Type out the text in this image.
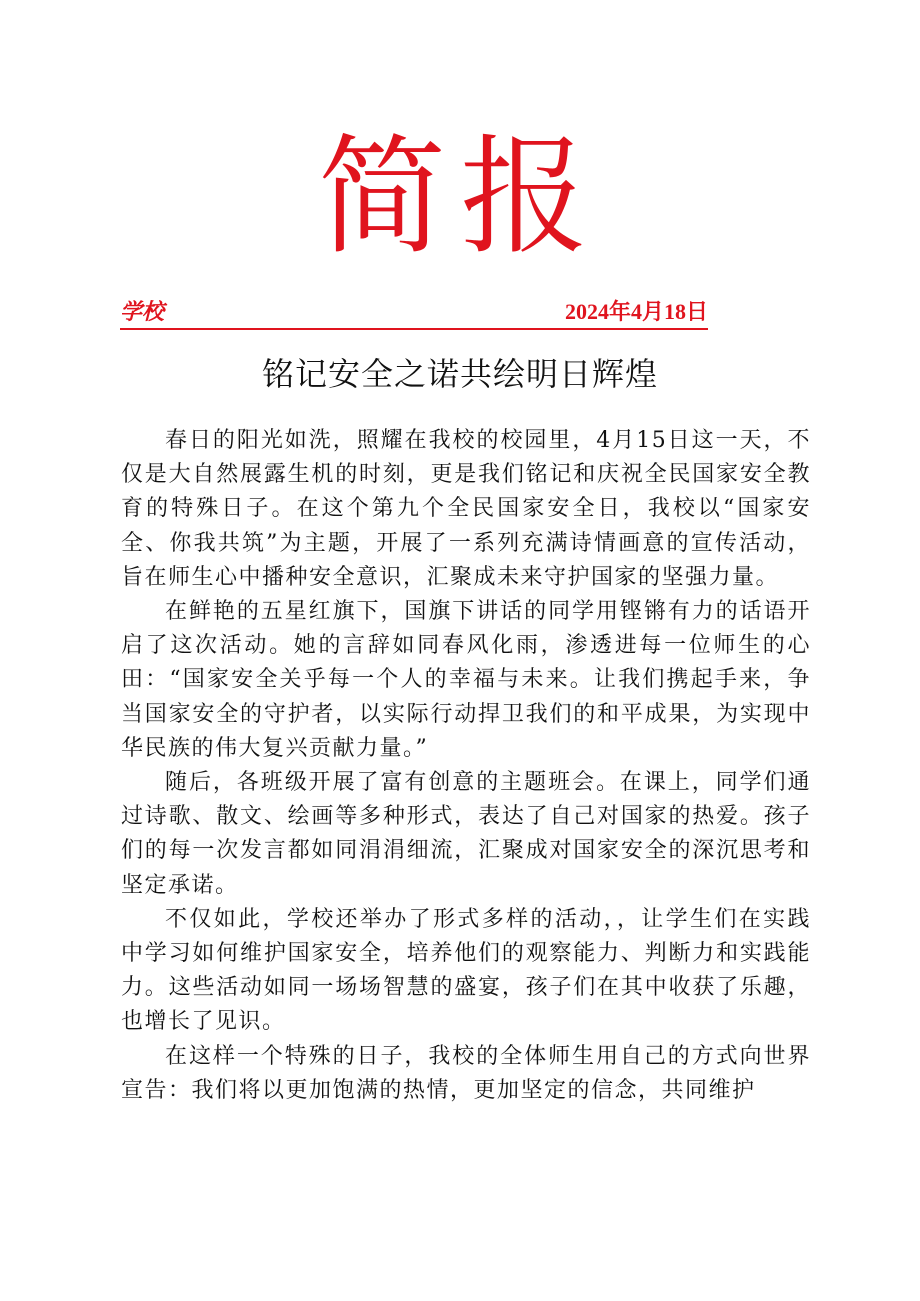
简报
学校	2024年4月18日
铭记安全之诺共绘明日辉煌

春日的阳光如洗，照耀在我校的校园里，4月15日这一天，不仅是大自然展露生机的时刻，更是我们铭记和庆祝全民国家安全教育的特殊日子。在这个第九个全民国家安全日，我校以“国家安全、你我共筑”为主题，开展了一系列充满诗情画意的宣传活动，旨在师生心中播种安全意识，汇聚成未来守护国家的坚强力量。

在鲜艳的五星红旗下，国旗下讲话的同学用铿锵有力的话语开启了这次活动。她的言辞如同春风化雨，渗透进每一位师生的心田：“国家安全关乎每一个人的幸福与未来。让我们携起手来，争当国家安全的守护者，以实际行动捍卫我们的和平成果，为实现中华民族的伟大复兴贡献力量。”

随后，各班级开展了富有创意的主题班会。在课上，同学们通过诗歌、散文、绘画等多种形式，表达了自己对国家的热爱。孩子们的每一次发言都如同涓涓细流，汇聚成对国家安全的深沉思考和坚定承诺。

不仅如此，学校还举办了形式多样的活动，，让学生们在实践中学习如何维护国家安全，培养他们的观察能力、判断力和实践能力。这些活动如同一场场智慧的盛宴，孩子们在其中收获了乐趣，也增长了见识。

在这样一个特殊的日子，我校的全体师生用自己的方式向世界宣告：我们将以更加饱满的热情，更加坚定的信念，共同维护
